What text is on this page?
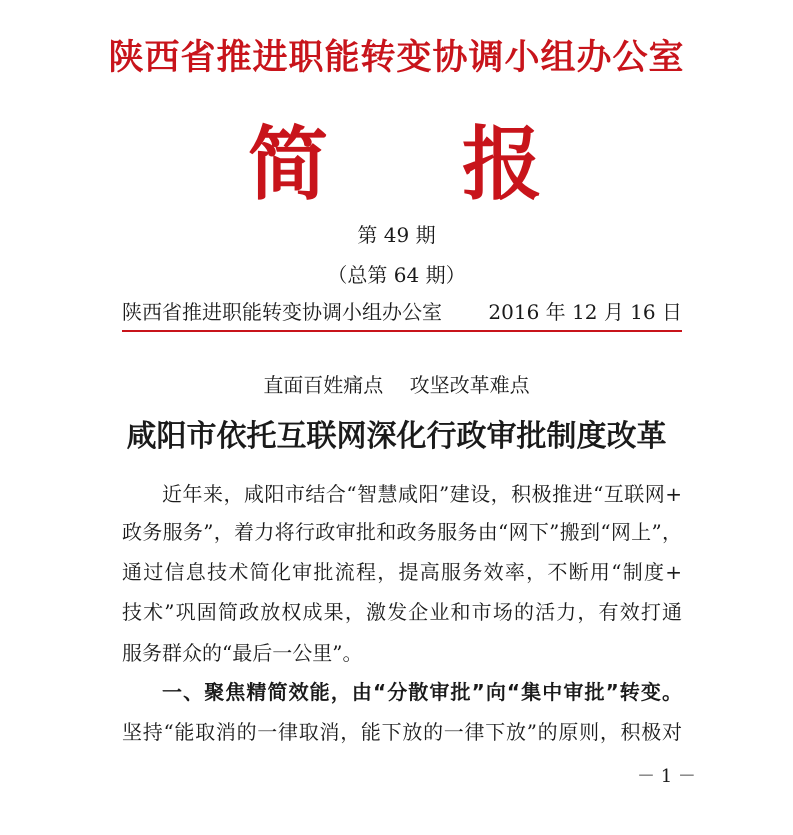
陕西省推进职能转变协调小组办公室
简 报
第 49 期
（总第 64 期）
陕西省推进职能转变协调小组办公室 2016 年 12 月 16 日
直面百姓痛点　 攻坚改革难点
咸阳市依托互联网深化行政审批制度改革
近年来，咸阳市结合“智慧咸阳”建设，积极推进“互联网+
政务服务”，着力将行政审批和政务服务由“网下”搬到“网上”，
通过信息技术简化审批流程，提高服务效率，不断用“制度+
技术”巩固简政放权成果，激发企业和市场的活力，有效打通
服务群众的“最后一公里”。
一、聚焦精简效能，由“分散审批”向“集中审批”转变。
坚持“能取消的一律取消，能下放的一律下放”的原则，积极对
－ 1 －
